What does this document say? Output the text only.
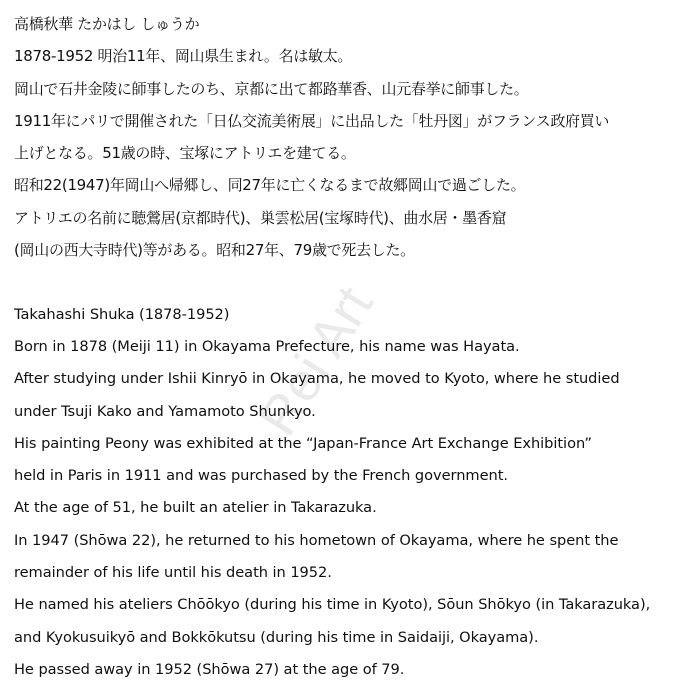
Rei Art
高橋秋華 たかはし しゅうか
1878-1952 明治11年、岡山県生まれ。名は敏太。
岡山で石井金陵に師事したのち、京都に出て都路華香、山元春挙に師事した。
1911年にパリで開催された「日仏交流美術展」に出品した「牡丹図」がフランス政府買い
上げとなる。51歳の時、宝塚にアトリエを建てる。
昭和22(1947)年岡山へ帰郷し、同27年に亡くなるまで故郷岡山で過ごした。
アトリエの名前に聴鶯居(京都時代)、巣雲松居(宝塚時代)、曲水居・墨香窟
(岡山の西大寺時代)等がある。昭和27年、79歳で死去した。
Takahashi Shuka (1878-1952)
Born in 1878 (Meiji 11) in Okayama Prefecture, his name was Hayata.
After studying under Ishii Kinryō in Okayama, he moved to Kyoto, where he studied
under Tsuji Kako and Yamamoto Shunkyo.
His painting Peony was exhibited at the “Japan-France Art Exchange Exhibition”
held in Paris in 1911 and was purchased by the French government.
At the age of 51, he built an atelier in Takarazuka.
In 1947 (Shōwa 22), he returned to his hometown of Okayama, where he spent the
remainder of his life until his death in 1952.
He named his ateliers Chōōkyo (during his time in Kyoto), Sōun Shōkyo (in Takarazuka),
and Kyokusuikyō and Bokkōkutsu (during his time in Saidaiji, Okayama).
He passed away in 1952 (Shōwa 27) at the age of 79.
